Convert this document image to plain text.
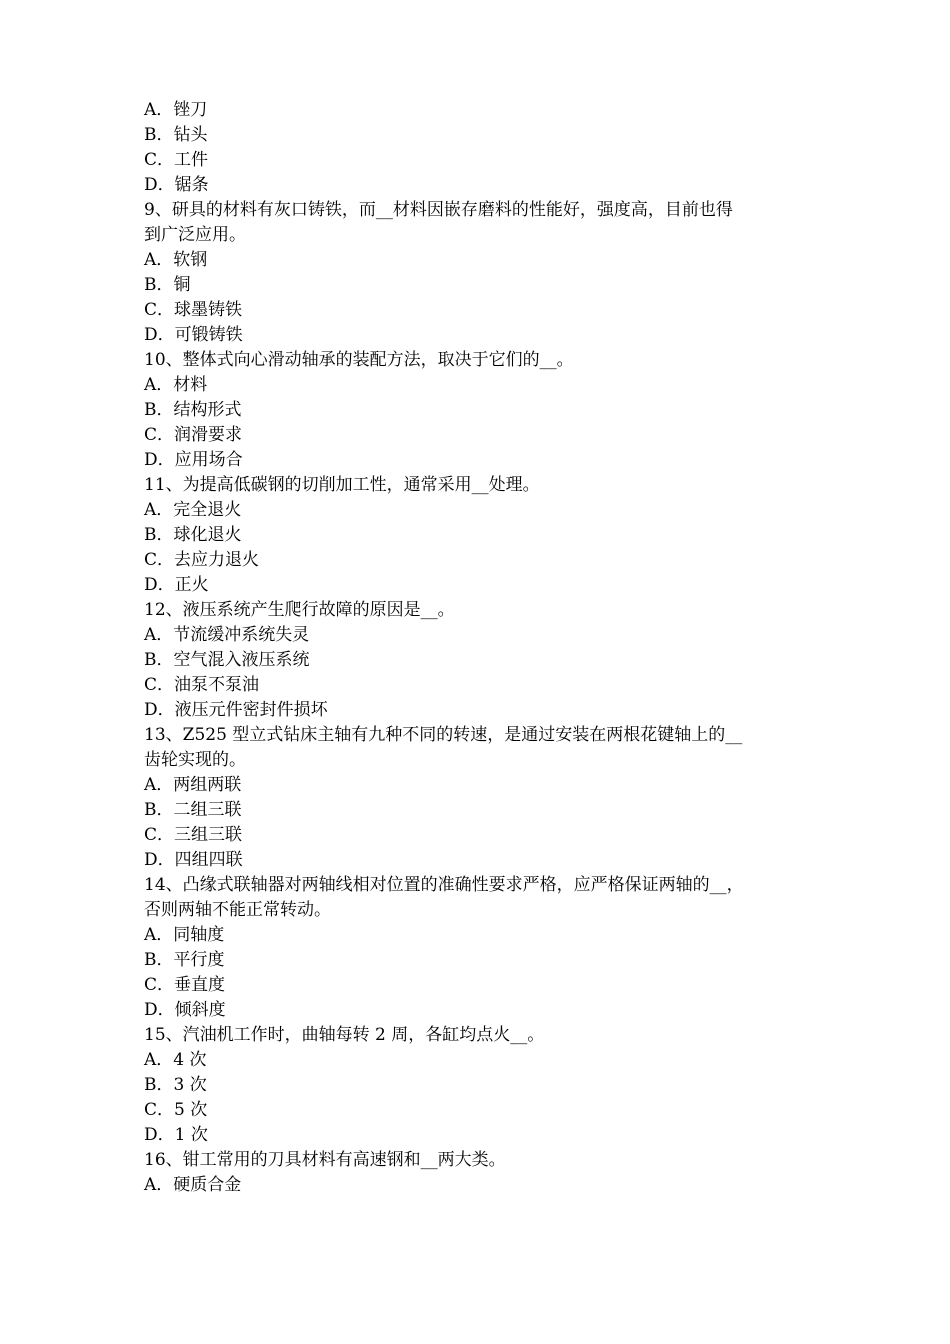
A．锉刀
B．钻头
C．工件
D．锯条
9、研具的材料有灰口铸铁，而__材料因嵌存磨料的性能好，强度高，目前也得
到广泛应用。
A．软钢
B．铜
C．球墨铸铁
D．可锻铸铁
10、整体式向心滑动轴承的装配方法，取决于它们的__。
A．材料
B．结构形式
C．润滑要求
D．应用场合
11、为提高低碳钢的切削加工性，通常采用__处理。
A．完全退火
B．球化退火
C．去应力退火
D．正火
12、液压系统产生爬行故障的原因是__。
A．节流缓冲系统失灵
B．空气混入液压系统
C．油泵不泵油
D．液压元件密封件损坏
13、Z525 型立式钻床主轴有九种不同的转速，是通过安装在两根花键轴上的__
齿轮实现的。
A．两组两联
B．二组三联
C．三组三联
D．四组四联
14、凸缘式联轴器对两轴线相对位置的准确性要求严格，应严格保证两轴的__，
否则两轴不能正常转动。
A．同轴度
B．平行度
C．垂直度
D．倾斜度
15、汽油机工作时，曲轴每转 2 周，各缸均点火__。
A．4 次
B．3 次
C．5 次
D．1 次
16、钳工常用的刀具材料有高速钢和__两大类。
A．硬质合金
